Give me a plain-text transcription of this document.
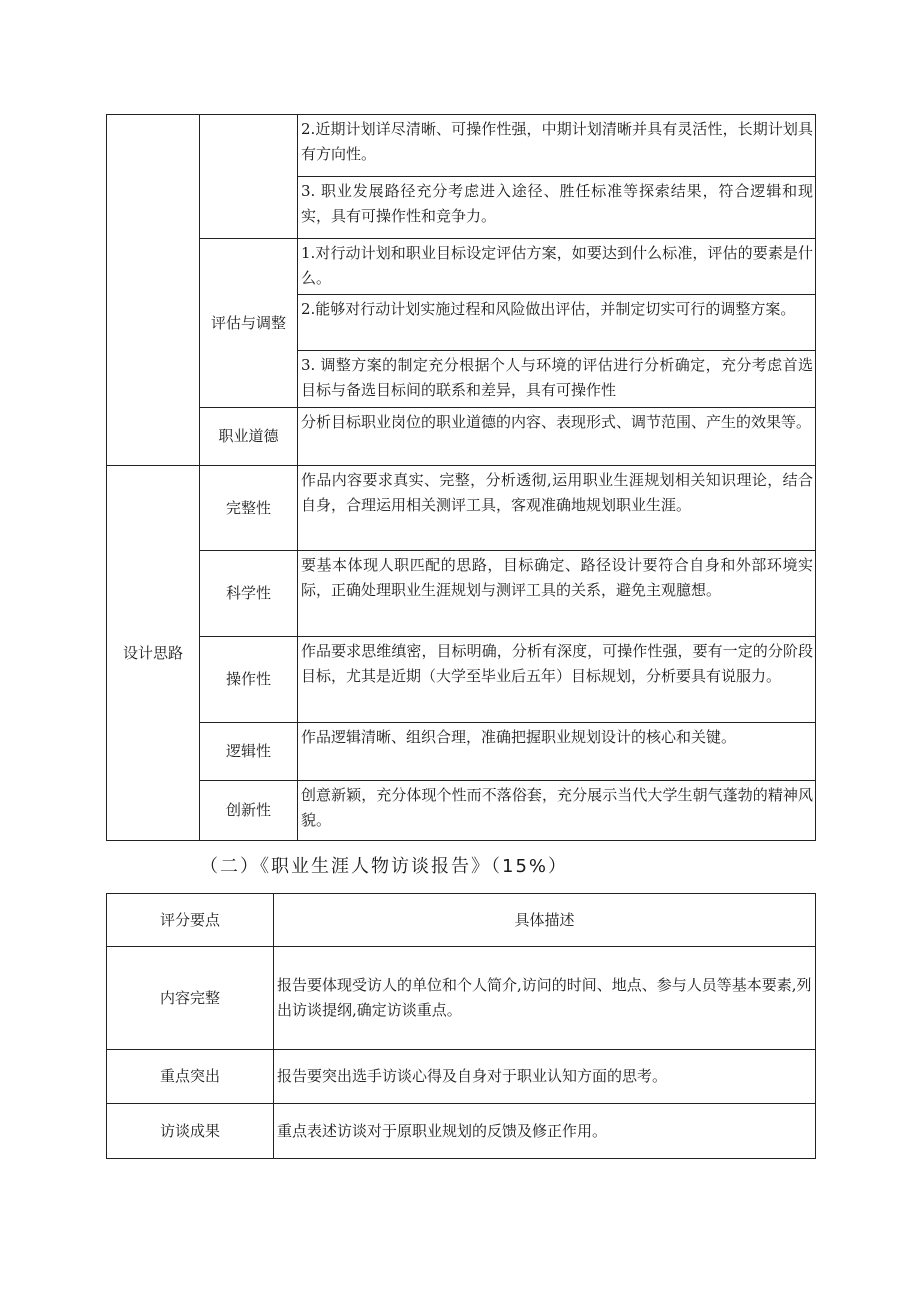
		2.近期计划详尽清晰、可操作性强，中期计划清晰并具有灵活性，长期计划具有方向性。
		3. 职业发展路径充分考虑进入途径、胜任标准等探索结果，符合逻辑和现实，具有可操作性和竞争力。
	评估与调整	1.对行动计划和职业目标设定评估方案，如要达到什么标准，评估的要素是什么。
		2.能够对行动计划实施过程和风险做出评估，并制定切实可行的调整方案。
		3. 调整方案的制定充分根据个人与环境的评估进行分析确定，充分考虑首选目标与备选目标间的联系和差异，具有可操作性
	职业道德	分析目标职业岗位的职业道德的内容、表现形式、调节范围、产生的效果等。

设计思路	完整性	作品内容要求真实、完整，分析透彻,运用职业生涯规划相关知识理论，结合自身，合理运用相关测评工具，客观准确地规划职业生涯。
	科学性	要基本体现人职匹配的思路，目标确定、路径设计要符合自身和外部环境实际，正确处理职业生涯规划与测评工具的关系，避免主观臆想。
	操作性	作品要求思维缜密，目标明确，分析有深度，可操作性强，要有一定的分阶段目标，尤其是近期（大学至毕业后五年）目标规划，分析要具有说服力。
	逻辑性	作品逻辑清晰、组织合理，准确把握职业规划设计的核心和关键。
	创新性	创意新颖，充分体现个性而不落俗套，充分展示当代大学生朝气蓬勃的精神风貌。
（二）《职业生涯人物访谈报告》（15%）
评分要点	具体描述
内容完整	报告要体现受访人的单位和个人简介,访问的时间、地点、参与人员等基本要素,列出访谈提纲,确定访谈重点。
重点突出	报告要突出选手访谈心得及自身对于职业认知方面的思考。
访谈成果	重点表述访谈对于原职业规划的反馈及修正作用。
